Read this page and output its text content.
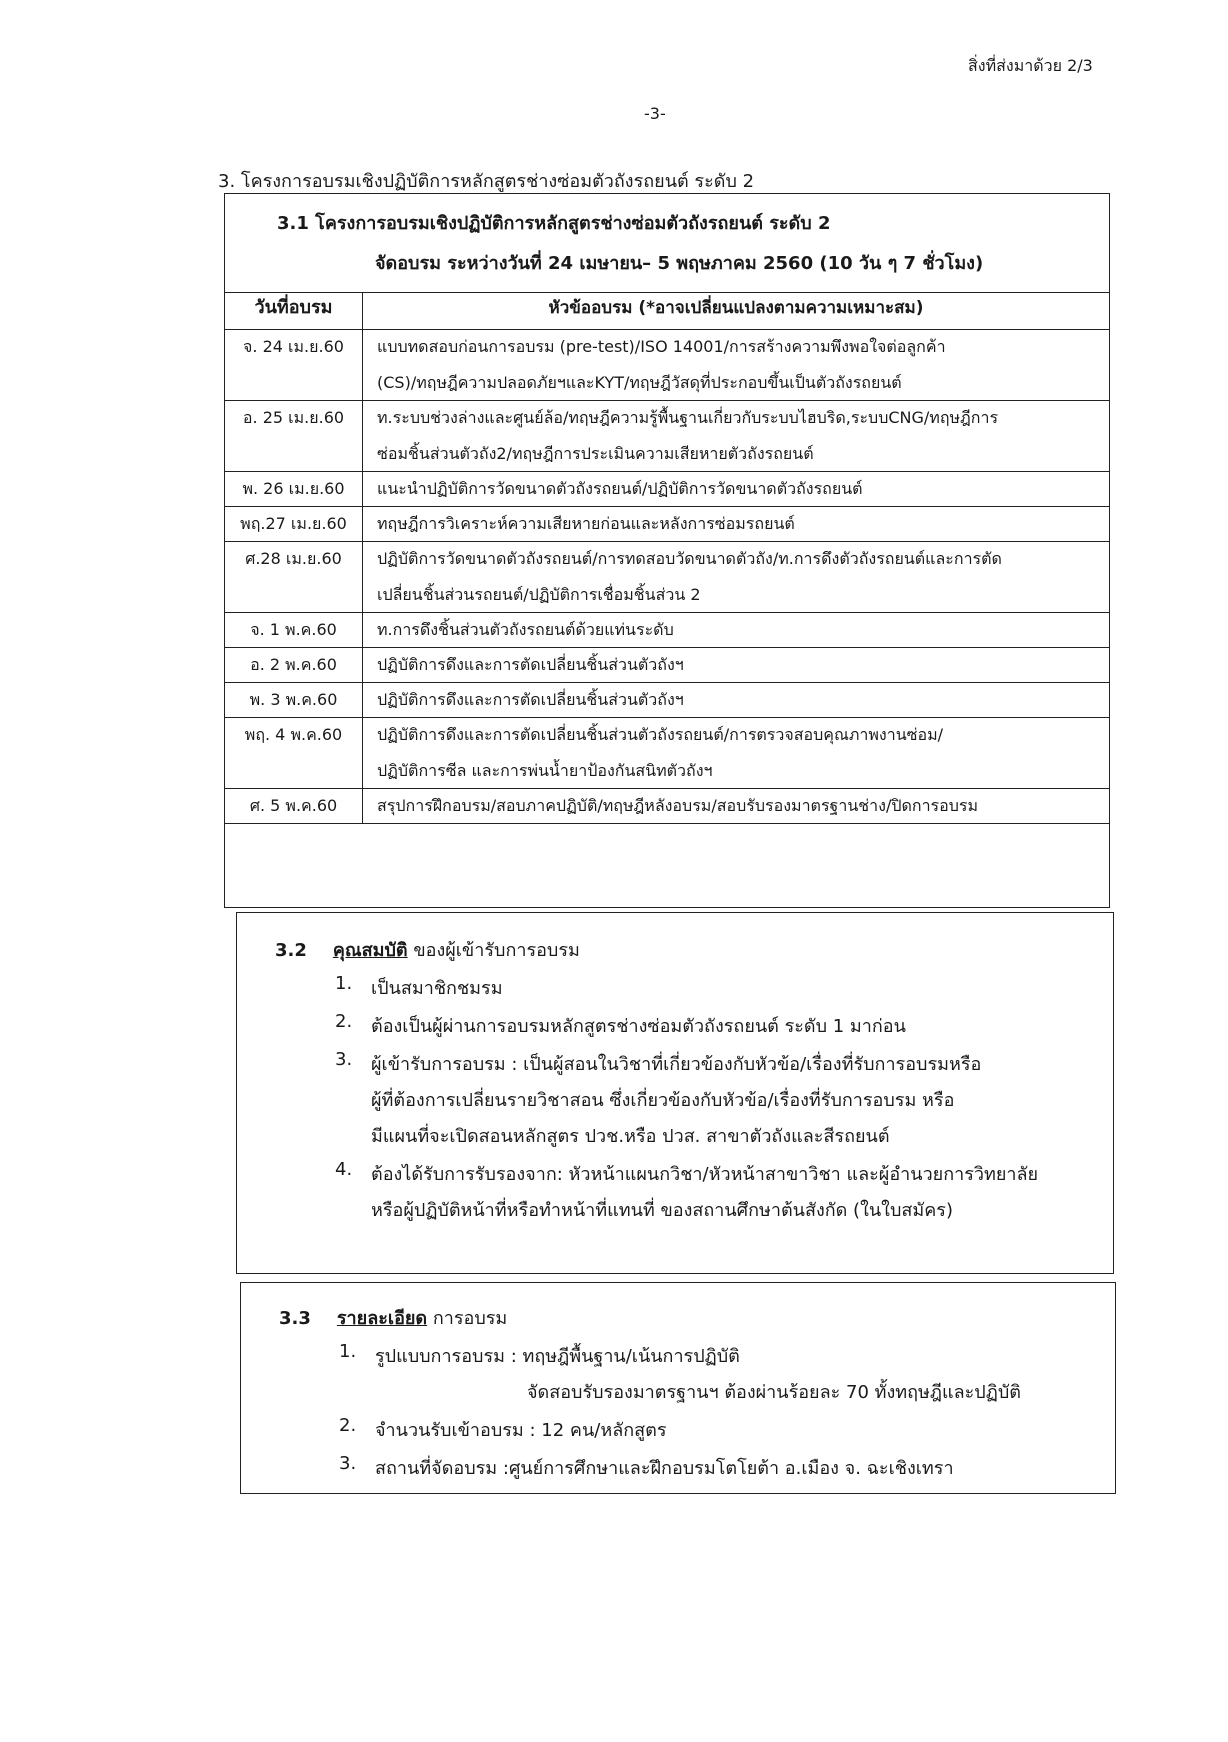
สิ่งที่ส่งมาด้วย 2/3
-3-
3. โครงการอบรมเชิงปฏิบัติการหลักสูตรช่างซ่อมตัวถังรถยนต์ ระดับ 2
3.1 โครงการอบรมเชิงปฏิบัติการหลักสูตรช่างซ่อมตัวถังรถยนต์ ระดับ 2
จัดอบรม ระหว่างวันที่ 24 เมษายน– 5 พฤษภาคม 2560 (10 วัน ๆ 7 ชั่วโมง)
วันที่อบรม	หัวข้ออบรม (*อาจเปลี่ยนแปลงตามความเหมาะสม)
จ. 24 เม.ย.60	แบบทดสอบก่อนการอบรม (pre-test)/ISO 14001/การสร้างความพึงพอใจต่อลูกค้า
(CS)/ทฤษฎีความปลอดภัยฯและKYT/ทฤษฎีวัสดุที่ประกอบขึ้นเป็นตัวถังรถยนต์

อ. 25 เม.ย.60	ท.ระบบช่วงล่างและศูนย์ล้อ/ทฤษฎีความรู้พื้นฐานเกี่ยวกับระบบไฮบริด,ระบบCNG/ทฤษฎีการ
ซ่อมชิ้นส่วนตัวถัง2/ทฤษฎีการประเมินความเสียหายตัวถังรถยนต์

พ. 26 เม.ย.60	แนะนำปฏิบัติการวัดขนาดตัวถังรถยนต์/ปฏิบัติการวัดขนาดตัวถังรถยนต์

พฤ.27 เม.ย.60	ทฤษฎีการวิเคราะห์ความเสียหายก่อนและหลังการซ่อมรถยนต์

ศ.28 เม.ย.60	ปฏิบัติการวัดขนาดตัวถังรถยนต์/การทดสอบวัดขนาดตัวถัง/ท.การดึงตัวถังรถยนต์และการตัด
เปลี่ยนชิ้นส่วนรถยนต์/ปฏิบัติการเชื่อมชิ้นส่วน 2

จ. 1 พ.ค.60	ท.การดึงชิ้นส่วนตัวถังรถยนต์ด้วยแท่นระดับ

อ. 2 พ.ค.60	ปฏิบัติการดึงและการตัดเปลี่ยนชิ้นส่วนตัวถังฯ

พ. 3 พ.ค.60	ปฏิบัติการดึงและการตัดเปลี่ยนชิ้นส่วนตัวถังฯ

พฤ. 4 พ.ค.60	ปฏิบัติการดึงและการตัดเปลี่ยนชิ้นส่วนตัวถังรถยนต์/การตรวจสอบคุณภาพงานซ่อม/
ปฏิบัติการซีล และการพ่นน้ำยาป้องกันสนิทตัวถังฯ

ศ. 5 พ.ค.60	สรุปการฝึกอบรม/สอบภาคปฏิบัติ/ทฤษฎีหลังอบรม/สอบรับรองมาตรฐานช่าง/ปิดการอบรม
3.2 คุณสมบัติ ของผู้เข้ารับการอบรม
1. เป็นสมาชิกชมรม
2. ต้องเป็นผู้ผ่านการอบรมหลักสูตรช่างซ่อมตัวถังรถยนต์ ระดับ 1 มาก่อน
3. ผู้เข้ารับการอบรม : เป็นผู้สอนในวิชาที่เกี่ยวข้องกับหัวข้อ/เรื่องที่รับการอบรมหรือ
ผู้ที่ต้องการเปลี่ยนรายวิชาสอน ซึ่งเกี่ยวข้องกับหัวข้อ/เรื่องที่รับการอบรม หรือ
มีแผนที่จะเปิดสอนหลักสูตร ปวช.หรือ ปวส. สาขาตัวถังและสีรถยนต์
4. ต้องได้รับการรับรองจาก: หัวหน้าแผนกวิชา/หัวหน้าสาขาวิชา และผู้อำนวยการวิทยาลัย
หรือผู้ปฏิบัติหน้าที่หรือทำหน้าที่แทนที่ ของสถานศึกษาต้นสังกัด (ในใบสมัคร)
3.3 รายละเอียด การอบรม
1. รูปแบบการอบรม : ทฤษฎีพื้นฐาน/เน้นการปฏิบัติ
จัดสอบรับรองมาตรฐานฯ ต้องผ่านร้อยละ 70 ทั้งทฤษฎีและปฏิบัติ
2. จำนวนรับเข้าอบรม : 12 คน/หลักสูตร
3. สถานที่จัดอบรม :ศูนย์การศึกษาและฝึกอบรมโตโยต้า อ.เมือง จ. ฉะเชิงเทรา
